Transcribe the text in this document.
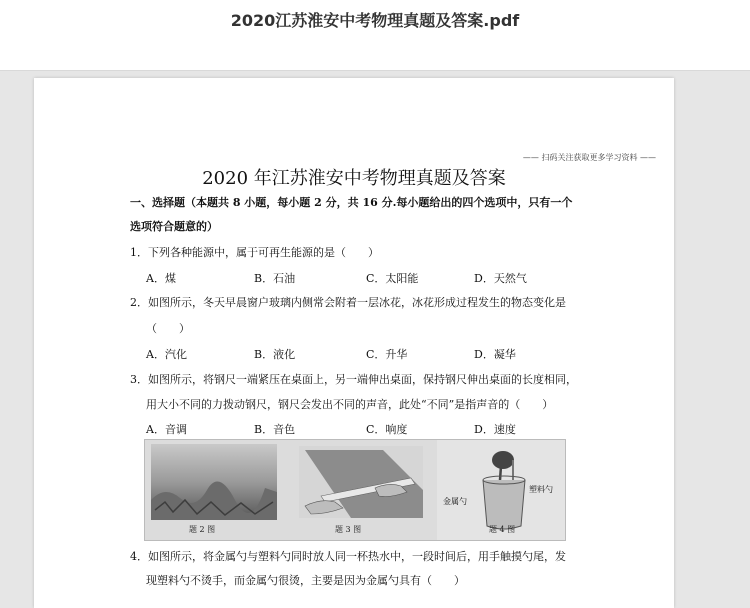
2020江苏淮安中考物理真题及答案.pdf
—— 扫码关注获取更多学习资料 ——
2020 年江苏淮安中考物理真题及答案
一、选择题（本题共 8 小题，每小题 2 分，共 16 分.每小题给出的四个选项中，只有一个
选项符合题意的）
1．下列各种能源中，属于可再生能源的是（　　）
A．煤	B．石油	C．太阳能	D．天然气
2．如图所示，冬天早晨窗户玻璃内侧常会附着一层冰花，冰花形成过程发生的物态变化是
（　　）
A．汽化	B．液化	C．升华	D．凝华
3．如图所示，将钢尺一端紧压在桌面上，另一端伸出桌面，保持钢尺伸出桌面的长度相同，
用大小不同的力拨动钢尺，钢尺会发出不同的声音，此处“不同”是指声音的（　　）
A．音调	B．音色	C．响度	D．速度
题 2 图	题 3 图
金属勺
塑料勺
题 4 图
4．如图所示，将金属勺与塑料勺同时放人同一杯热水中，一段时间后，用手触摸勺尾，发
现塑料勺不烫手，而金属勺很烫，主要是因为金属勺具有（　　）
